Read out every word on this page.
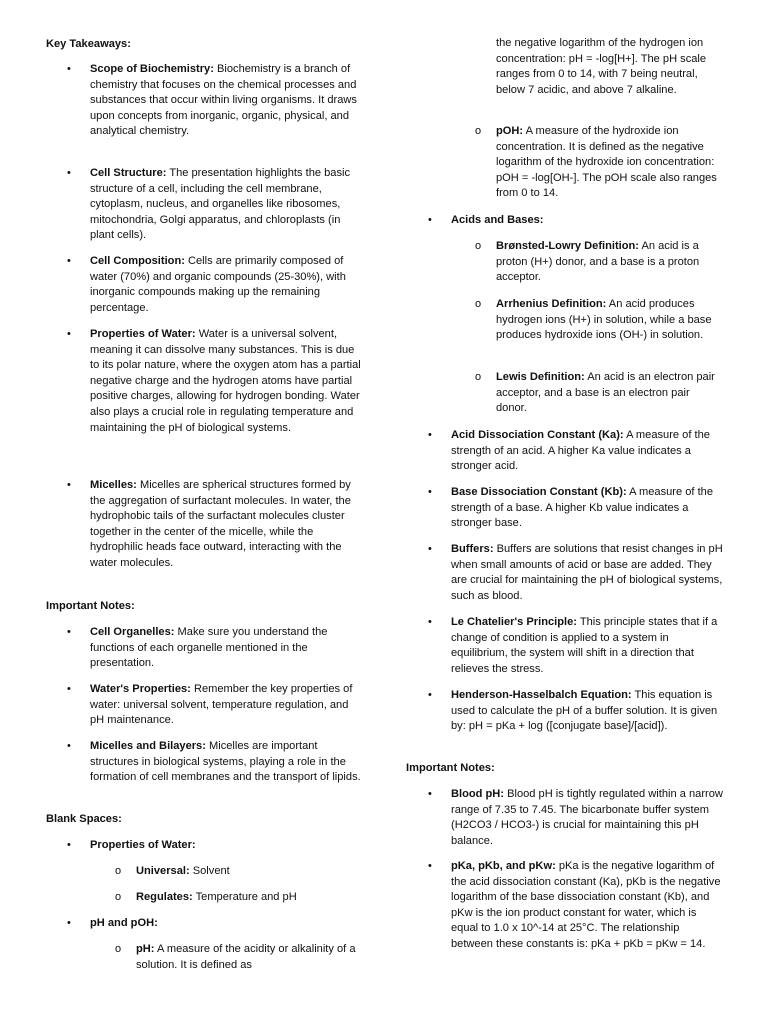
Key Takeaways:
• Scope of Biochemistry: Biochemistry is a branch of chemistry that focuses on the chemical processes and substances that occur within living organisms. It draws upon concepts from inorganic, organic, physical, and analytical chemistry.
• Cell Structure: The presentation highlights the basic structure of a cell, including the cell membrane, cytoplasm, nucleus, and organelles like ribosomes, mitochondria, Golgi apparatus, and chloroplasts (in plant cells).
• Cell Composition: Cells are primarily composed of water (70%) and organic compounds (25-30%), with inorganic compounds making up the remaining percentage.
• Properties of Water: Water is a universal solvent, meaning it can dissolve many substances. This is due to its polar nature, where the oxygen atom has a partial negative charge and the hydrogen atoms have partial positive charges, allowing for hydrogen bonding. Water also plays a crucial role in regulating temperature and maintaining the pH of biological systems.
• Micelles: Micelles are spherical structures formed by the aggregation of surfactant molecules. In water, the hydrophobic tails of the surfactant molecules cluster together in the center of the micelle, while the hydrophilic heads face outward, interacting with the water molecules.
Important Notes:
• Cell Organelles: Make sure you understand the functions of each organelle mentioned in the presentation.
• Water's Properties: Remember the key properties of water: universal solvent, temperature regulation, and pH maintenance.
• Micelles and Bilayers: Micelles are important structures in biological systems, playing a role in the formation of cell membranes and the transport of lipids.
Blank Spaces:
• Properties of Water:
o Universal: Solvent
o Regulates: Temperature and pH
• pH and pOH:
o pH: A measure of the acidity or alkalinity of a solution. It is defined as
the negative logarithm of the hydrogen ion concentration: pH = -log[H+]. The pH scale ranges from 0 to 14, with 7 being neutral, below 7 acidic, and above 7 alkaline.
o pOH: A measure of the hydroxide ion concentration. It is defined as the negative logarithm of the hydroxide ion concentration: pOH = -log[OH-]. The pOH scale also ranges from 0 to 14.
• Acids and Bases:
o Brønsted-Lowry Definition: An acid is a proton (H+) donor, and a base is a proton acceptor.
o Arrhenius Definition: An acid produces hydrogen ions (H+) in solution, while a base produces hydroxide ions (OH-) in solution.
o Lewis Definition: An acid is an electron pair acceptor, and a base is an electron pair donor.
• Acid Dissociation Constant (Ka): A measure of the strength of an acid. A higher Ka value indicates a stronger acid.
• Base Dissociation Constant (Kb): A measure of the strength of a base. A higher Kb value indicates a stronger base.
• Buffers: Buffers are solutions that resist changes in pH when small amounts of acid or base are added. They are crucial for maintaining the pH of biological systems, such as blood.
• Le Chatelier's Principle: This principle states that if a change of condition is applied to a system in equilibrium, the system will shift in a direction that relieves the stress.
• Henderson-Hasselbalch Equation: This equation is used to calculate the pH of a buffer solution. It is given by: pH = pKa + log ([conjugate base]/[acid]).
Important Notes:
• Blood pH: Blood pH is tightly regulated within a narrow range of 7.35 to 7.45. The bicarbonate buffer system (H2CO3 / HCO3-) is crucial for maintaining this pH balance.
• pKa, pKb, and pKw: pKa is the negative logarithm of the acid dissociation constant (Ka), pKb is the negative logarithm of the base dissociation constant (Kb), and pKw is the ion product constant for water, which is equal to 1.0 x 10^-14 at 25°C. The relationship between these constants is: pKa + pKb = pKw = 14.
